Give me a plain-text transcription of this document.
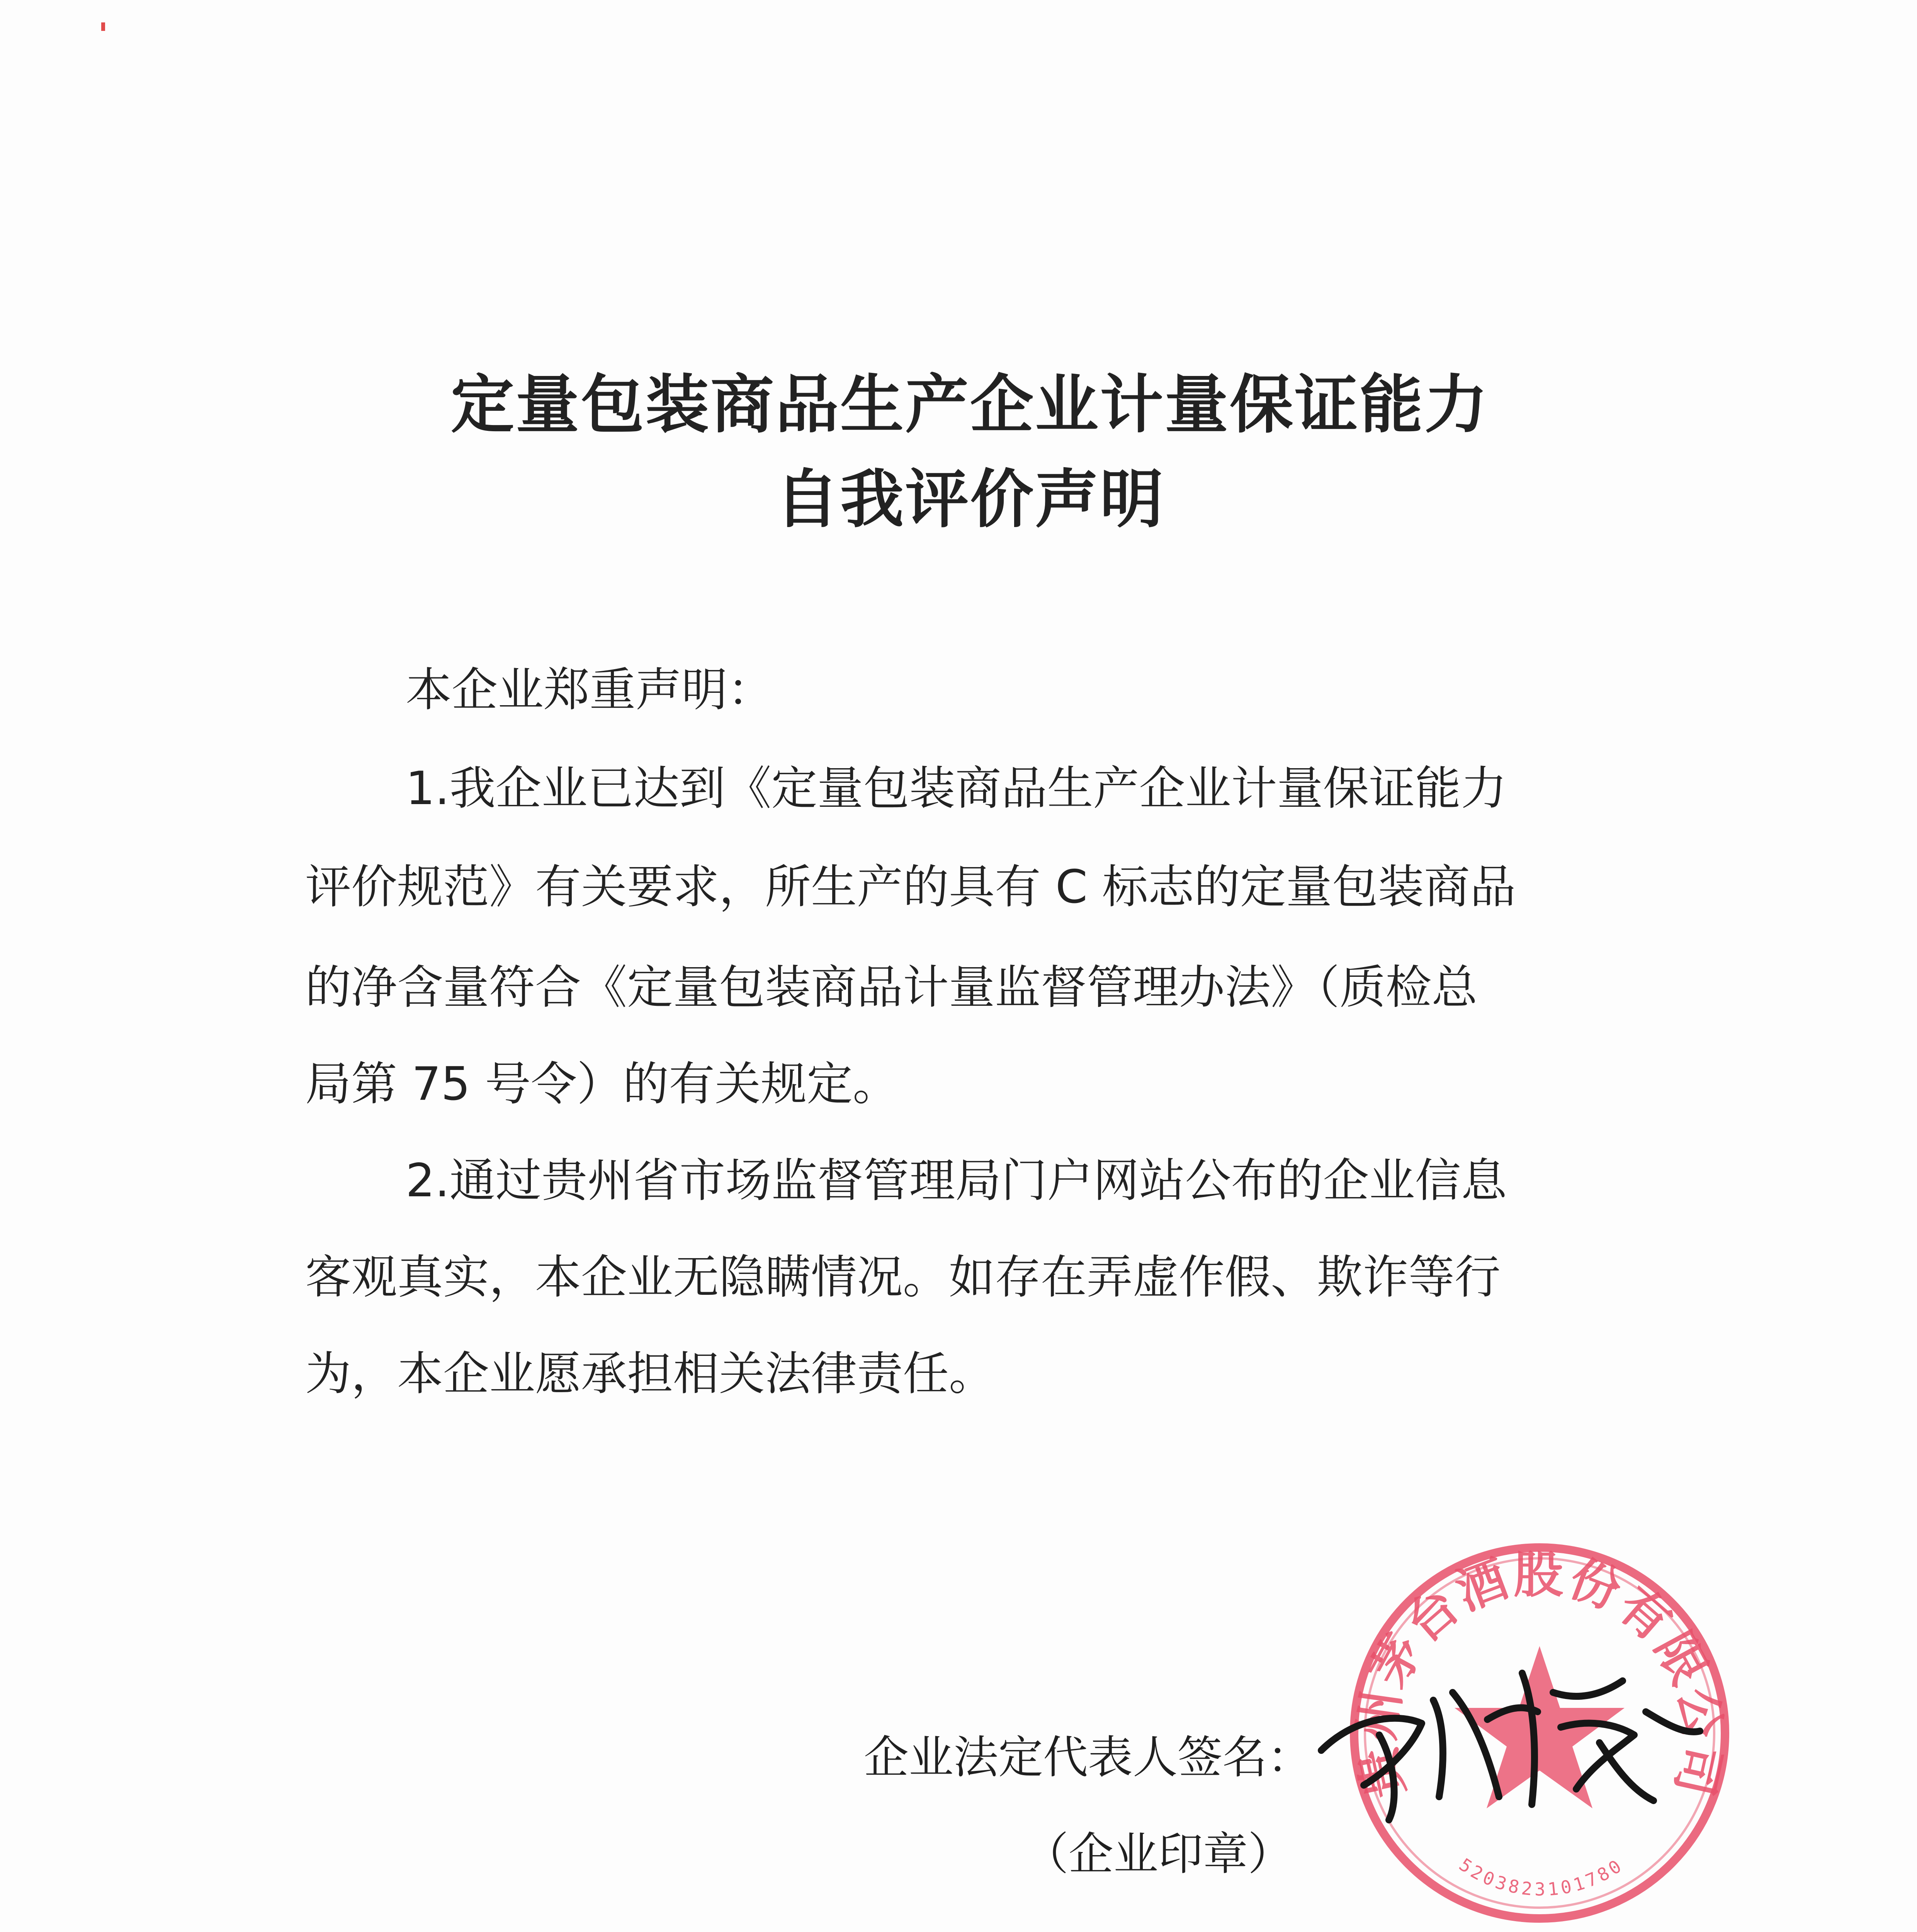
定量包装商品生产企业计量保证能力
自我评价声明
本企业郑重声明：
1.我企业已达到《定量包装商品生产企业计量保证能力
评价规范》有关要求，所生产的具有 C 标志的定量包装商品
的净含量符合《定量包装商品计量监督管理办法》（质检总
局第 75 号令）的有关规定。
2.通过贵州省市场监督管理局门户网站公布的企业信息
客观真实，本企业无隐瞒情况。如存在弄虚作假、欺诈等行
为，本企业愿承担相关法律责任。
贵州茅台酒股份有限公司
5203823101780
企业法定代表人签名：
（企业印章）
